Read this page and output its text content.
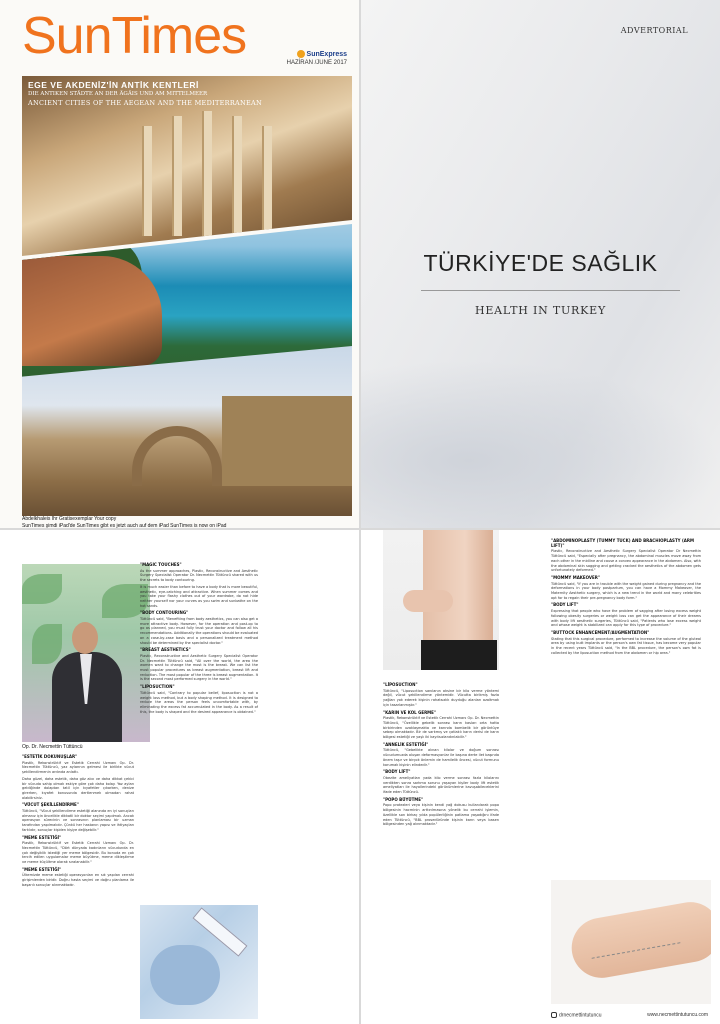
SunTimes	SunExpress
HAZİRAN /JUNE 2017
EGE VE AKDENİZ'İN ANTİK KENTLERİ
DIE ANTIKEN STÄDTE AN DER ÄGÄIS UND AM MITTELMEER
ANCIENT CITIES OF THE AEGEAN AND THE MEDITERRANEAN
Abdelkhaleis Ihr Gratisexemplar Your copy
SunTimes şimdi iPad'de SunTimes gibt es jetzt auch auf dem iPad SunTimes is now on iPad
ADVERTORIAL
TÜRKİYE'DE SAĞLIK
HEALTH IN TURKEY
Op. Dr. Necmettin Tüttüncü
"ESTETİK DOKUNUŞLAR"

Plastik, Rekonstrüktif ve Estetik Cerrahi Uzmanı Op. Dr. Necmettin Tüttüncü, yaz aylarının gelmesi ile birlikte vücut şekillendirmenin ardında anlattı.

Daha güzel, daha estetik, daha göz alıcı ve daha dikkat çekici bir vücuda sahip olmak eskiye göre çok daha kolay. Yaz ayları geldiğinde dolaptan tatil için kıyafetler çıkarken, denize girerken, kıyafet konusunda dertlenmek olmadan rahat olabilirsiniz.

"VÜCUT ŞEKİLLENDİRME"

Tüttüncü, "Vücut şekillendirme estetiği alanında en iyi sonuçları almanız için öncelikle dikkatli bir doktor seçimi yapılmalı. Ancak operasyon sürecinin ve sonrasının planlaması bir uzman tarafından yapılmalıdır. Çünkü her hastanın yapısı ve ihtiyaçları farklıdır, sonuçlar kişiden kişiye değişebilir."

"MEME ESTETİĞİ"

Plastik, Rekonstrüktif ve Estetik Cerrahi Uzmanı Op. Dr. Necmettin Tüttüncü, "Dört dünyada kadınların vücudunda en çok değişiklik istediği yer meme bölgesidir. Bu konuda en çok tercih edilen uygulamalar meme büyütme, meme dikleştirme ve meme küçültme olarak sıralanabilir."

"MEME ESTETİĞİ"

Ülkemizde meme estetiği operasyonları en sık yapılan cerrahi girişimlerden biridir. Doğru hasta seçimi ve doğru planlama ile başarılı sonuçlar alınmaktadır.

"MAGIC TOUCHES"

As the summer approaches, Plastic, Reconstructive and Aesthetic Surgery Specialist Operator Dr. Necmettin Tüttüncü shared with us the secrets to body contouring.

It is much easier than before to have a body that is more beautiful, aesthetic, eye-catching and attractive. When summer comes and you take your flashy clothes out of your wardrobe, do not hide neither yourself nor your curves as you swim and sunbathe on the hot sands.

"BODY CONTOURING"

Tüttüncü said, "Benefiting from body aesthetics, you can also get a more attractive body. However, for the operation and post-op to go as planned, you must fully trust your doctor and follow all his recommendations. Additionally the operations should be evaluated on a case-by-case basis and a personalized treatment method should be determined by the specialist doctor."

"BREAST AESTHETICS"

Plastic, Reconstructive and Aesthetic Surgery Specialist Operator Dr. Necmettin Tüttüncü said, "All over the world, the area the women want to change the most is the breast. We can list the most popular procedures as breast augmentation, breast lift and reduction. The most popular of the three is breast augmentation. It is the second most performed surgery in the world."

"LIPOSUCTION"

Tüttüncü said, "Contrary to popular belief, liposuction is not a weight loss method, but a body shaping method. It is designed to reduce the areas the person feels uncomfortable with, by eliminating the excess fat accumulated in the body. As a result of this, the body is shaped and the desired appearance is obtained."

"LİPOSUCTION"

Tüttüncü, "Liposuction sanılanın aksine bir kilo verme yöntemi değil, vücut şekillendirme yöntemidir. Vücutta birikmiş fazla yağları yok ederek kişinin rahatsızlık duyduğu alanları azaltmak için tasarlanmıştır."

"KARIN VE KOL GERME"

Plastik, Rekonstrüktif ve Estetik Cerrahi Uzmanı Op. Dr. Necmettin Tüttüncü, "Özellikle gebelik sonrası karın kasları orta hatta birbirinden uzaklaşmakta ve karında bombelik bir görüntüye sebep olmaktadır. Bir de sarkmış ve çatlaklı karın derisi de karın bölgesi estetiği ve yaşlı iki kayıtsızlandırılabilir."

"ANNELİK ESTETİĞİ"

Tüttüncü, "Gebelikte alınan kilolar ve doğum sonrası vücudumuzda oluşan deformasyonlar ile başına derte ilet başında önem taşır ve birçok önlemin de hamilelik öncesi, vücut formunu korumak kişinin elindedir."

"BODY LİFT"

Obezite ameliyatları yada kilo verme sonrası fazla kilolarını verdikten sonra sarkma sorunu yaşayan kişiler body lift estetik ameliyatları ile hayallerindeki görünümlerine kavuşabileceklerini ifade eden Tüttüncü.

"POPO BÜYÜTME"

Popo protezleri veya kişinin kendi yağ dokusu kullanılarak popo bölgesinin hacminin arttırılmasına yönelik bu cerrahi işlemin, özellikle son birkaç yılda popülerliğinin patlama yaşadığını ifade eden Tüttüncü, "BBL prosedüründe kişinin karın veya basen bölgesinden yağ alınmaktadır."

"ABDOMINOPLASTY (TUMMY TUCK) AND BRACHIOPLASTY (ARM LIFT)"

Plastic, Reconstructive and Aesthetic Surgery Specialist Operator Dr Necmettin Tüttüncü said, "Especially after pregnancy, the abdominal muscles move away from each other in the midline and cause a convex appearance in the abdomen. Also, with the abdominal skin sagging and getting cracked the aesthetics of the abdomen gets unfortunately deformed."

"MOMMY MAKEOVER"

Tüttüncü said, "If you are in trouble with the weight gained during pregnancy and the deformations in your body postpartum, you can have a Mommy Makeover, the Maternity Aesthetic surgery, which is a new trend in the world and many celebrities opt for to regain their pre-pregnancy body form."

"BODY LIFT"

Expressing that people who have the problem of sagging after losing excess weight following obesity surgeries or weight loss can get the appearance of their dreams with body lift aesthetic surgeries, Tüttüncü said, "Patients who lose excess weight and whose weight is stabilized can apply for this type of procedure."

"BUTTOCK ENHANCEMENT/AUGMENTATION"

Stating that this surgical procedure, performed to increase the volume of the gluteal area by using butt implants or the person's own fat tissue, has become very popular in the recent years Tüttüncü said, "In the BBL procedure, the person's own fat is collected by the liposuction method from the abdomen or hip area."

drnecmettintutuncu	www.necmettintutuncu.com
